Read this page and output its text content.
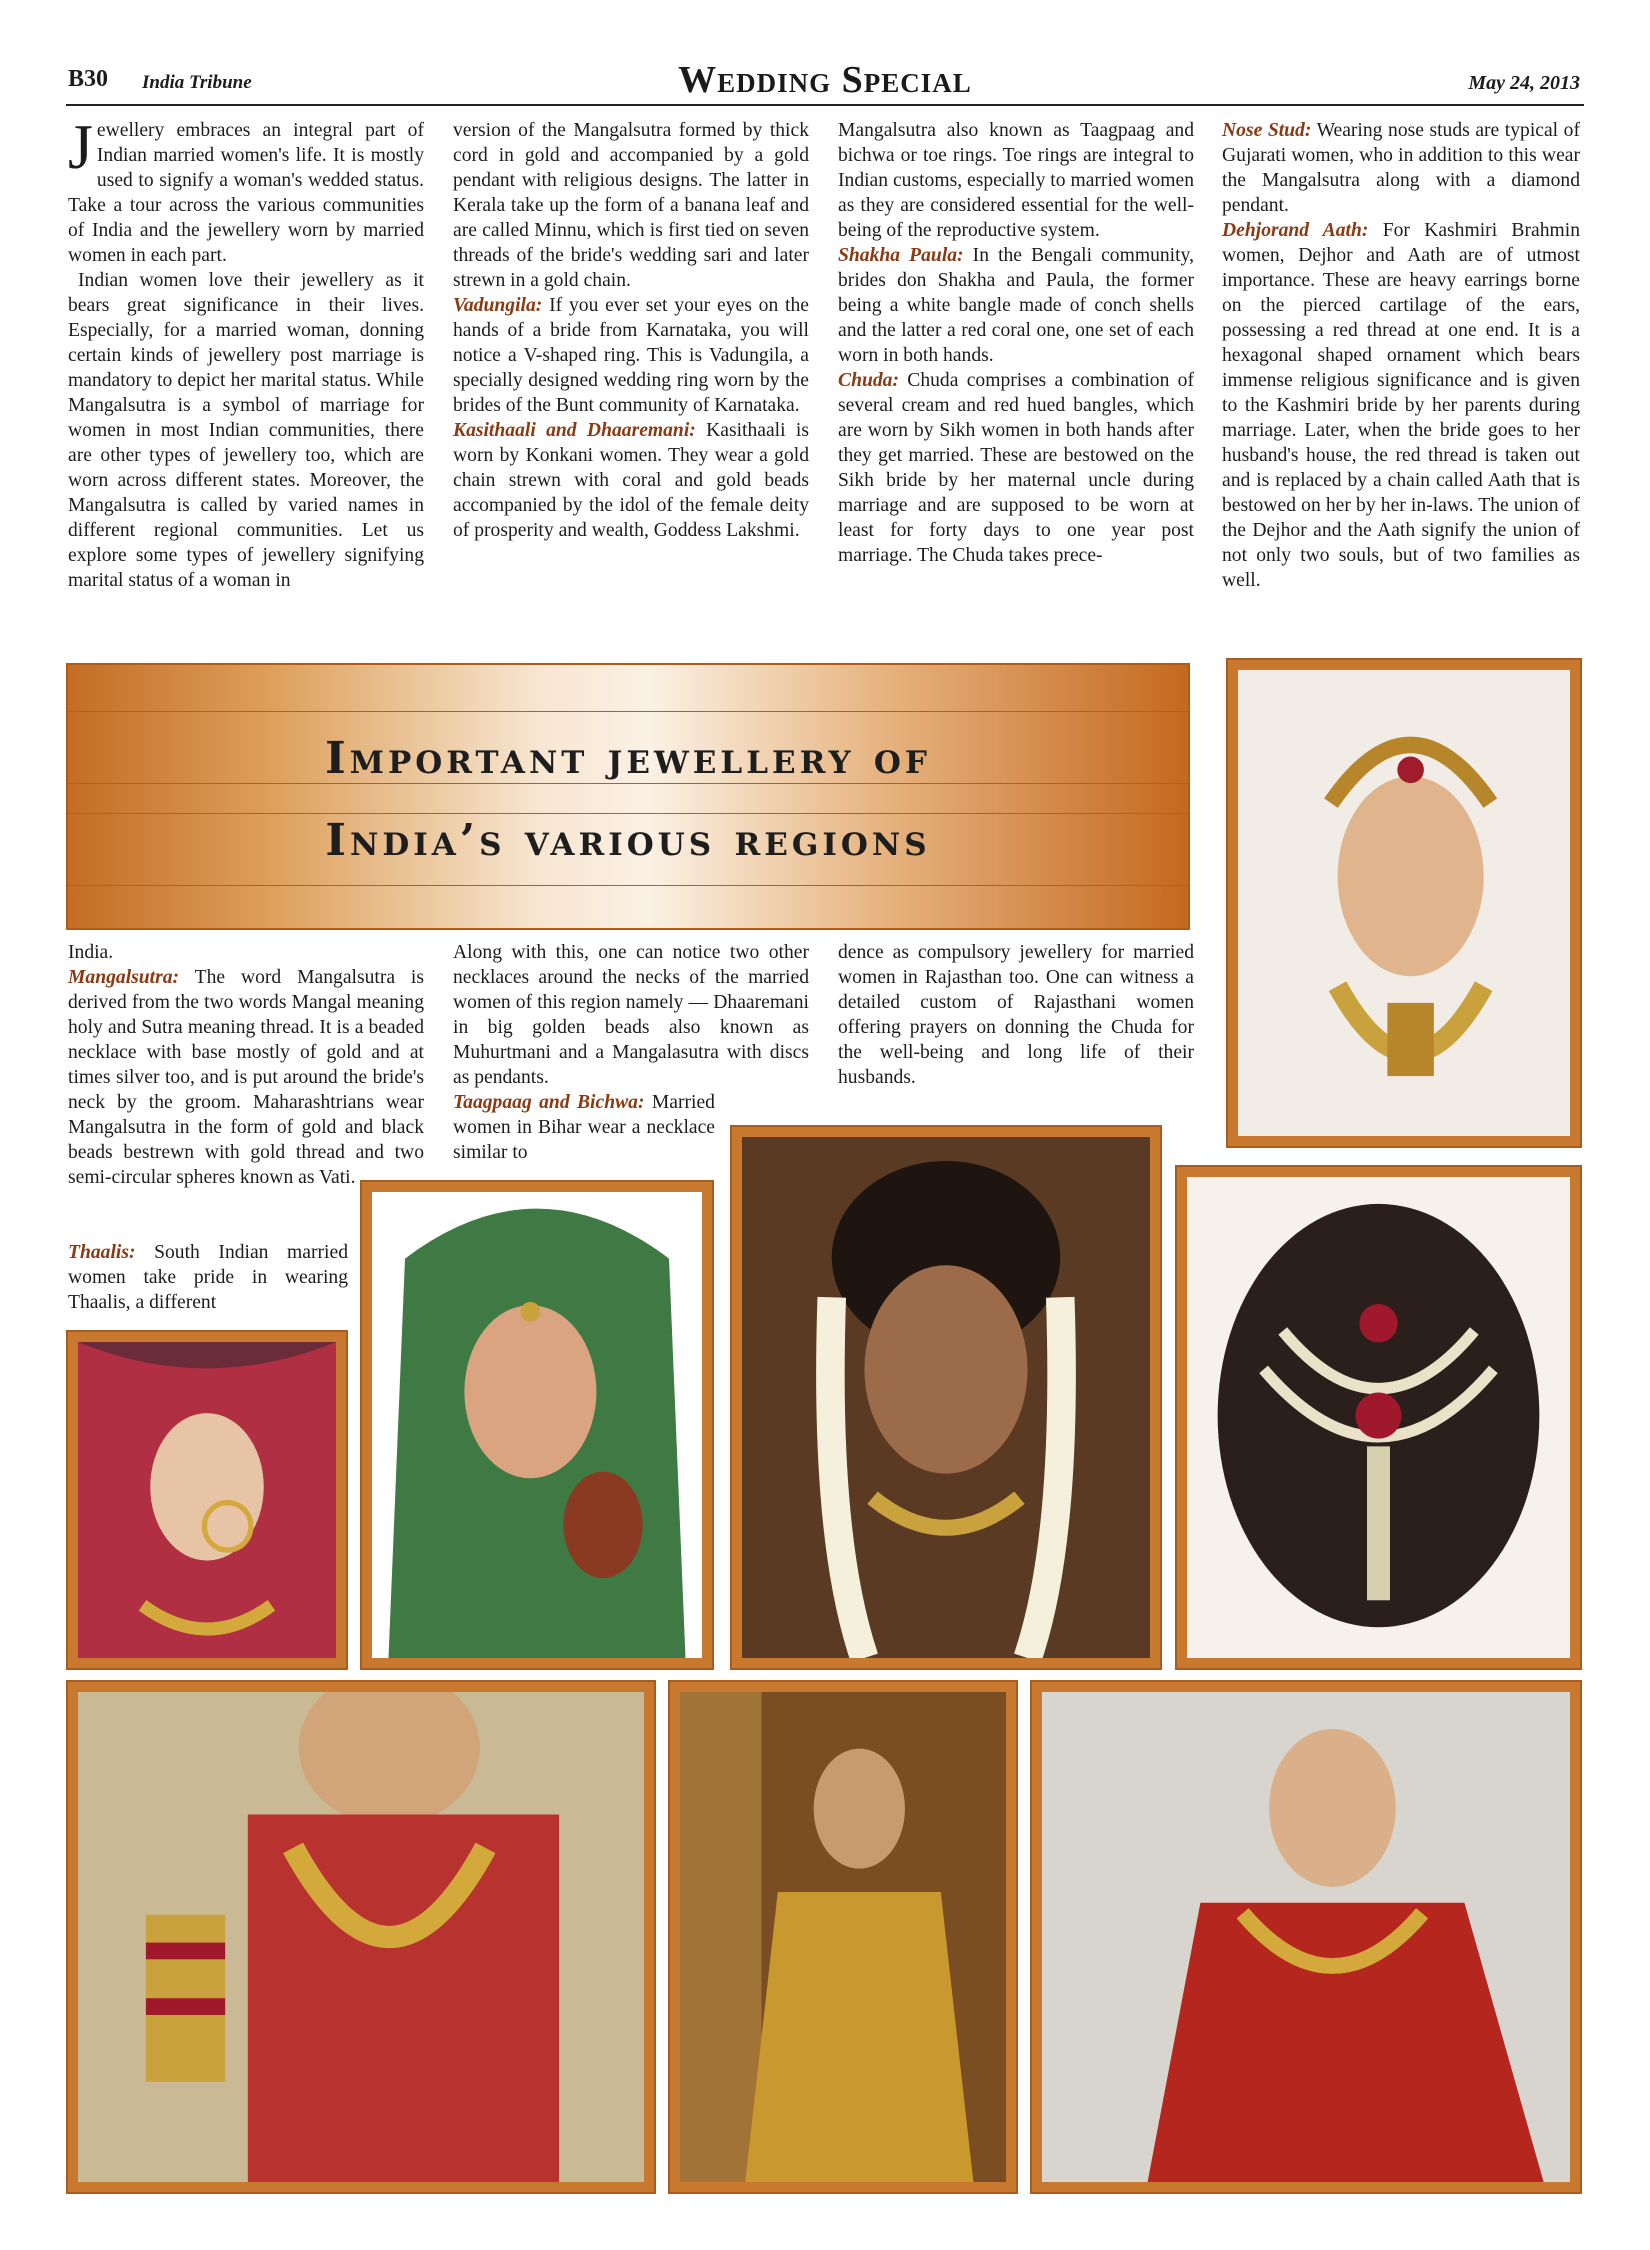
B30 India Tribune	Wedding Special	May 24, 2013

Jewellery embraces an integral part of Indian married women's life. It is mostly used to signify a woman's wedded status. Take a tour across the various communities of India and the jewellery worn by married women in each part.

Indian women love their jewellery as it bears great significance in their lives. Especially, for a married woman, donning certain kinds of jewellery post marriage is mandatory to depict her marital status. While Mangalsutra is a symbol of marriage for women in most Indian communities, there are other types of jewellery too, which are worn across different states. Moreover, the Mangalsutra is called by varied names in different regional communities. Let us explore some types of jewellery signifying marital status of a woman in

version of the Mangalsutra formed by thick cord in gold and accompanied by a gold pendant with religious designs. The latter in Kerala take up the form of a banana leaf and are called Minnu, which is first tied on seven threads of the bride's wedding sari and later strewn in a gold chain.

Vadungila: If you ever set your eyes on the hands of a bride from Karnataka, you will notice a V-shaped ring. This is Vadungila, a specially designed wedding ring worn by the brides of the Bunt community of Karnataka.

Kasithaali and Dhaaremani: Kasithaali is worn by Konkani women. They wear a gold chain strewn with coral and gold beads accompanied by the idol of the female deity of prosperity and wealth, Goddess Lakshmi.

Mangalsutra also known as Taagpaag and bichwa or toe rings. Toe rings are integral to Indian customs, especially to married women as they are considered essential for the well-being of the reproductive system.

Shakha Paula: In the Bengali community, brides don Shakha and Paula, the former being a white bangle made of conch shells and the latter a red coral one, one set of each worn in both hands.

Chuda: Chuda comprises a combination of several cream and red hued bangles, which are worn by Sikh women in both hands after they get married. These are bestowed on the Sikh bride by her maternal uncle during marriage and are supposed to be worn at least for forty days to one year post marriage. The Chuda takes prece-

Nose Stud: Wearing nose studs are typical of Gujarati women, who in addition to this wear the Mangalsutra along with a diamond pendant.

Dehjorand Aath: For Kashmiri Brahmin women, Dejhor and Aath are of utmost importance. These are heavy earrings borne on the pierced cartilage of the ears, possessing a red thread at one end. It is a hexagonal shaped ornament which bears immense religious significance and is given to the Kashmiri bride by her parents during marriage. Later, when the bride goes to her husband's house, the red thread is taken out and is replaced by a chain called Aath that is bestowed on her by her in-laws. The union of the Dejhor and the Aath signify the union of not only two souls, but of two families as well.

Important jewellery of
India’s various regions

India.

Mangalsutra: The word Mangalsutra is derived from the two words Mangal meaning holy and Sutra meaning thread. It is a beaded necklace with base mostly of gold and at times silver too, and is put around the bride's neck by the groom. Maharashtrians wear Mangalsutra in the form of gold and black beads bestrewn with gold thread and two semi-circular spheres known as Vati.

Thaalis: South Indian married women take pride in wearing Thaalis, a different

Along with this, one can notice two other necklaces around the necks of the married women of this region namely — Dhaaremani in big golden beads also known as Muhurtmani and a Mangalasutra with discs as pendants.

Taagpaag and Bichwa: Married women in Bihar wear a necklace similar to

dence as compulsory jewellery for married women in Rajasthan too. One can witness a detailed custom of Rajasthani women offering prayers on donning the Chuda for the well-being and long life of their husbands.
